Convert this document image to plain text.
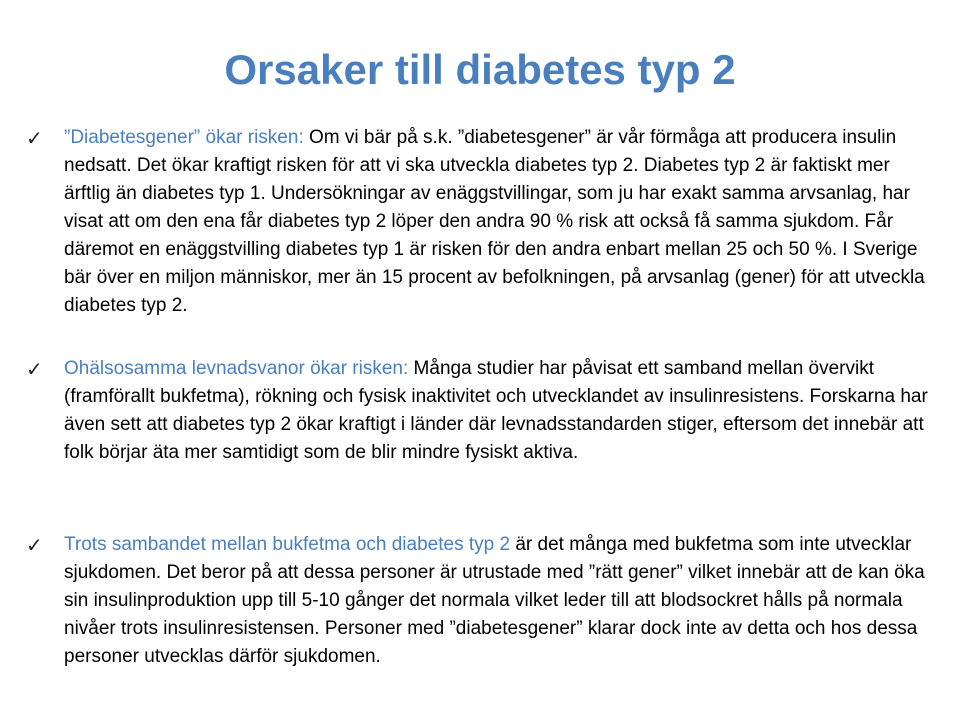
Orsaker till diabetes typ 2
✓	”Diabetesgener” ökar risken: Om vi bär på s.k. ”diabetesgener” är vår förmåga att producera insulin nedsatt. Det ökar kraftigt risken för att vi ska utveckla diabetes typ 2. Diabetes typ 2 är faktiskt mer ärftlig än diabetes typ 1. Undersökningar av enäggstvillingar, som ju har exakt samma arvsanlag, har visat att om den ena får diabetes typ 2 löper den andra 90 % risk att också få samma sjukdom. Får däremot en enäggstvilling diabetes typ 1 är risken för den andra enbart mellan 25 och 50 %. I Sverige bär över en miljon människor, mer än 15 procent av befolkningen, på arvsanlag (gener) för att utveckla diabetes typ 2.

✓	Ohälsosamma levnadsvanor ökar risken: Många studier har påvisat ett samband mellan övervikt (framförallt bukfetma), rökning och fysisk inaktivitet och utvecklandet av insulinresistens. Forskarna har även sett att diabetes typ 2 ökar kraftigt i länder där levnadsstandarden stiger, eftersom det innebär att folk börjar äta mer samtidigt som de blir mindre fysiskt aktiva.

✓	Trots sambandet mellan bukfetma och diabetes typ 2 är det många med bukfetma som inte utvecklar sjukdomen. Det beror på att dessa personer är utrustade med ”rätt gener” vilket innebär att de kan öka sin insulinproduktion upp till 5-10 gånger det normala vilket leder till att blodsockret hålls på normala nivåer trots insulinresistensen. Personer med ”diabetesgener” klarar dock inte av detta och hos dessa personer utvecklas därför sjukdomen.
